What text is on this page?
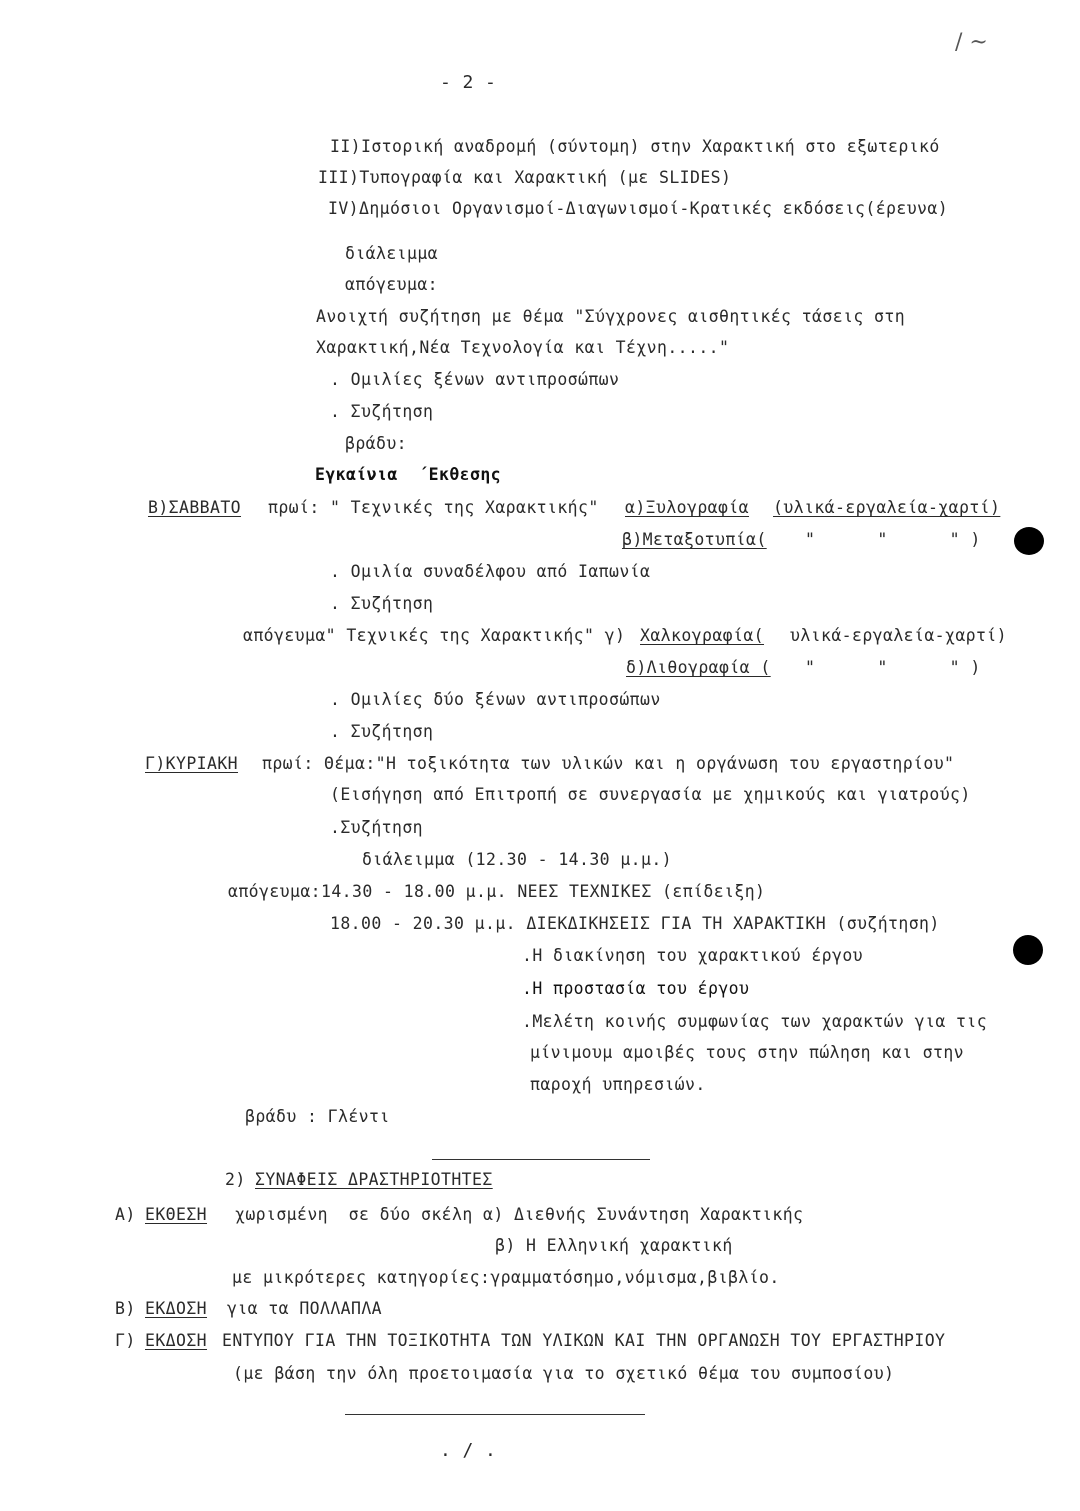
- 2 -
/ ~
II)Ιστορική αναδρομή (σύντομη) στην Χαρακτική στο εξωτερικό
III)Τυπογραφία και Χαρακτική (με SLIDES)
IV)Δημόσιοι Οργανισμοί-Διαγωνισμοί-Κρατικές εκδόσεις(έρευνα)
διάλειμμα
απόγευμα:
Ανοιχτή συζήτηση με θέμα "Σύγχρονες αισθητικές τάσεις στη
Χαρακτική,Νέα Τεχνολογία και Τέχνη....."
. Ομιλίες ξένων αντιπροσώπων
. Συζήτηση
βράδυ:
Εγκαίνια  ΄Εκθεσης
Β)ΣΑΒΒΑΤΟ πρωί: " Τεχνικές της Χαρακτικής" α)Ξυλογραφία (υλικά-εργαλεία-χαρτί)
β)Μεταξοτυπία( "      "      " )
. Ομιλία συναδέλφου από Ιαπωνία
. Συζήτηση
απόγευμα" Τεχνικές της Χαρακτικής" γ) Χαλκογραφία( υλικά-εργαλεία-χαρτί)
δ)Λιθογραφία ( "      "      " )
. Ομιλίες δύο ξένων αντιπροσώπων
. Συζήτηση
Γ)ΚΥΡΙΑΚΗ πρωί: Θέμα:"Η τοξικότητα των υλικών και η οργάνωση του εργαστηρίου"
(Εισήγηση από Επιτροπή σε συνεργασία με χημικούς και γιατρούς)
.Συζήτηση
διάλειμμα (12.30 - 14.30 μ.μ.)
απόγευμα:14.30 - 18.00 μ.μ. ΝΕΕΣ ΤΕΧΝΙΚΕΣ (επίδειξη)
18.00 - 20.30 μ.μ. ΔΙΕΚΔΙΚΗΣΕΙΣ ΓΙΑ ΤΗ ΧΑΡΑΚΤΙΚΗ (συζήτηση)
.Η διακίνηση του χαρακτικού έργου
.Η προστασία του έργου
.Μελέτη κοινής συμφωνίας των χαρακτών για τις
μίνιμουμ αμοιβές τους στην πώληση και στην
παροχή υπηρεσιών.
βράδυ : Γλέντι
2) ΣΥΝΑΦΕΙΣ ΔΡΑΣΤΗΡΙΟΤΗΤΕΣ
Α) ΕΚΘΕΣΗ χωρισμένη  σε δύο σκέλη α) Διεθνής Συνάντηση Χαρακτικής
β) Η Ελληνική χαρακτική
με μικρότερες κατηγορίες:γραμματόσημο,νόμισμα,βιβλίο.
Β) ΕΚΔΟΣΗ για τα ΠΟΛΛΑΠΛΑ
Γ) ΕΚΔΟΣΗ ΕΝΤΥΠΟΥ ΓΙΑ ΤΗΝ ΤΟΞΙΚΟΤΗΤΑ ΤΩΝ ΥΛΙΚΩΝ ΚΑΙ ΤΗΝ ΟΡΓΑΝΩΣΗ ΤΟΥ ΕΡΓΑΣΤΗΡΙΟΥ
(με βάση την όλη προετοιμασία για το σχετικό θέμα του συμποσίου)
. / .
